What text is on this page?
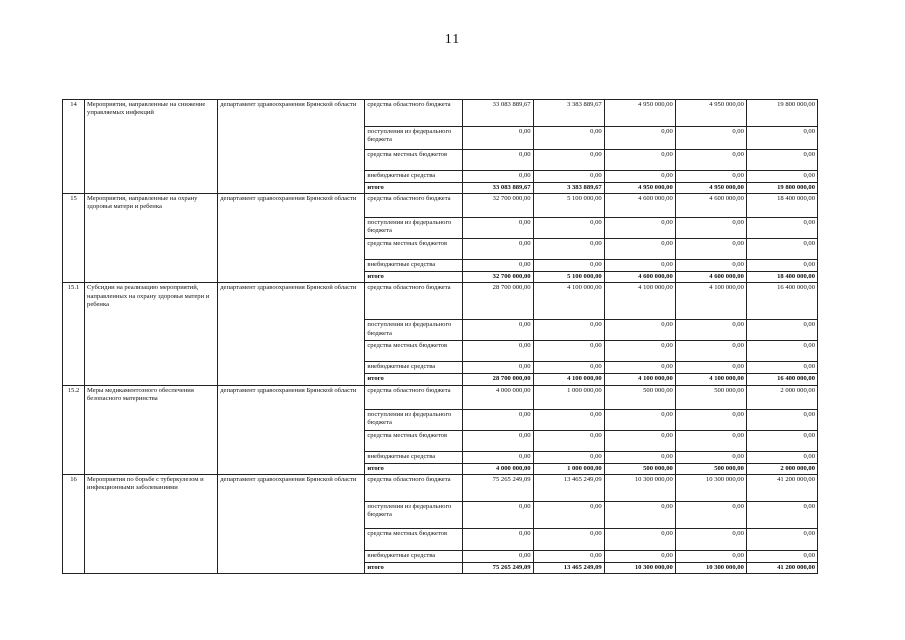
11
14	Мероприятия, направленные на снижение управляемых инфекций	департамент здравоохранения Брянской области	средства областного бюджета	33 083 889,67	3 383 889,67	4 950 000,00	4 950 000,00	19 800 000,00
			поступления из федерального бюджета	0,00	0,00	0,00	0,00	0,00
			средства местных бюджетов	0,00	0,00	0,00	0,00	0,00
			внебюджетные средства	0,00	0,00	0,00	0,00	0,00
			итого	33 083 889,67	3 383 889,67	4 950 000,00	4 950 000,00	19 800 000,00
15	Мероприятия, направленные на охрану здоровья матери и ребенка	департамент здравоохранения Брянской области	средства областного бюджета	32 700 000,00	5 100 000,00	4 600 000,00	4 600 000,00	18 400 000,00
			поступления из федерального бюджета	0,00	0,00	0,00	0,00	0,00
			средства местных бюджетов	0,00	0,00	0,00	0,00	0,00
			внебюджетные средства	0,00	0,00	0,00	0,00	0,00
			итого	32 700 000,00	5 100 000,00	4 600 000,00	4 600 000,00	18 400 000,00
15.1	Субсидии на реализацию мероприятий, направленных на охрану здоровья матери и ребенка	департамент здравоохранения Брянской области	средства областного бюджета	28 700 000,00	4 100 000,00	4 100 000,00	4 100 000,00	16 400 000,00
			поступления из федерального бюджета	0,00	0,00	0,00	0,00	0,00
			средства местных бюджетов	0,00	0,00	0,00	0,00	0,00
			внебюджетные средства	0,00	0,00	0,00	0,00	0,00
			итого	28 700 000,00	4 100 000,00	4 100 000,00	4 100 000,00	16 400 000,00
15.2	Меры медикаментозного обеспечения безопасного материнства	департамент здравоохранения Брянской области	средства областного бюджета	4 000 000,00	1 000 000,00	500 000,00	500 000,00	2 000 000,00
			поступления из федерального бюджета	0,00	0,00	0,00	0,00	0,00
			средства местных бюджетов	0,00	0,00	0,00	0,00	0,00
			внебюджетные средства	0,00	0,00	0,00	0,00	0,00
			итого	4 000 000,00	1 000 000,00	500 000,00	500 000,00	2 000 000,00
16	Мероприятия по борьбе с туберкулезом и инфекционными заболеваниями	департамент здравоохранения Брянской области	средства областного бюджета	75 265 249,09	13 465 249,09	10 300 000,00	10 300 000,00	41 200 000,00
			поступления из федерального бюджета	0,00	0,00	0,00	0,00	0,00
			средства местных бюджетов	0,00	0,00	0,00	0,00	0,00
			внебюджетные средства	0,00	0,00	0,00	0,00	0,00
			итого	75 265 249,09	13 465 249,09	10 300 000,00	10 300 000,00	41 200 000,00
